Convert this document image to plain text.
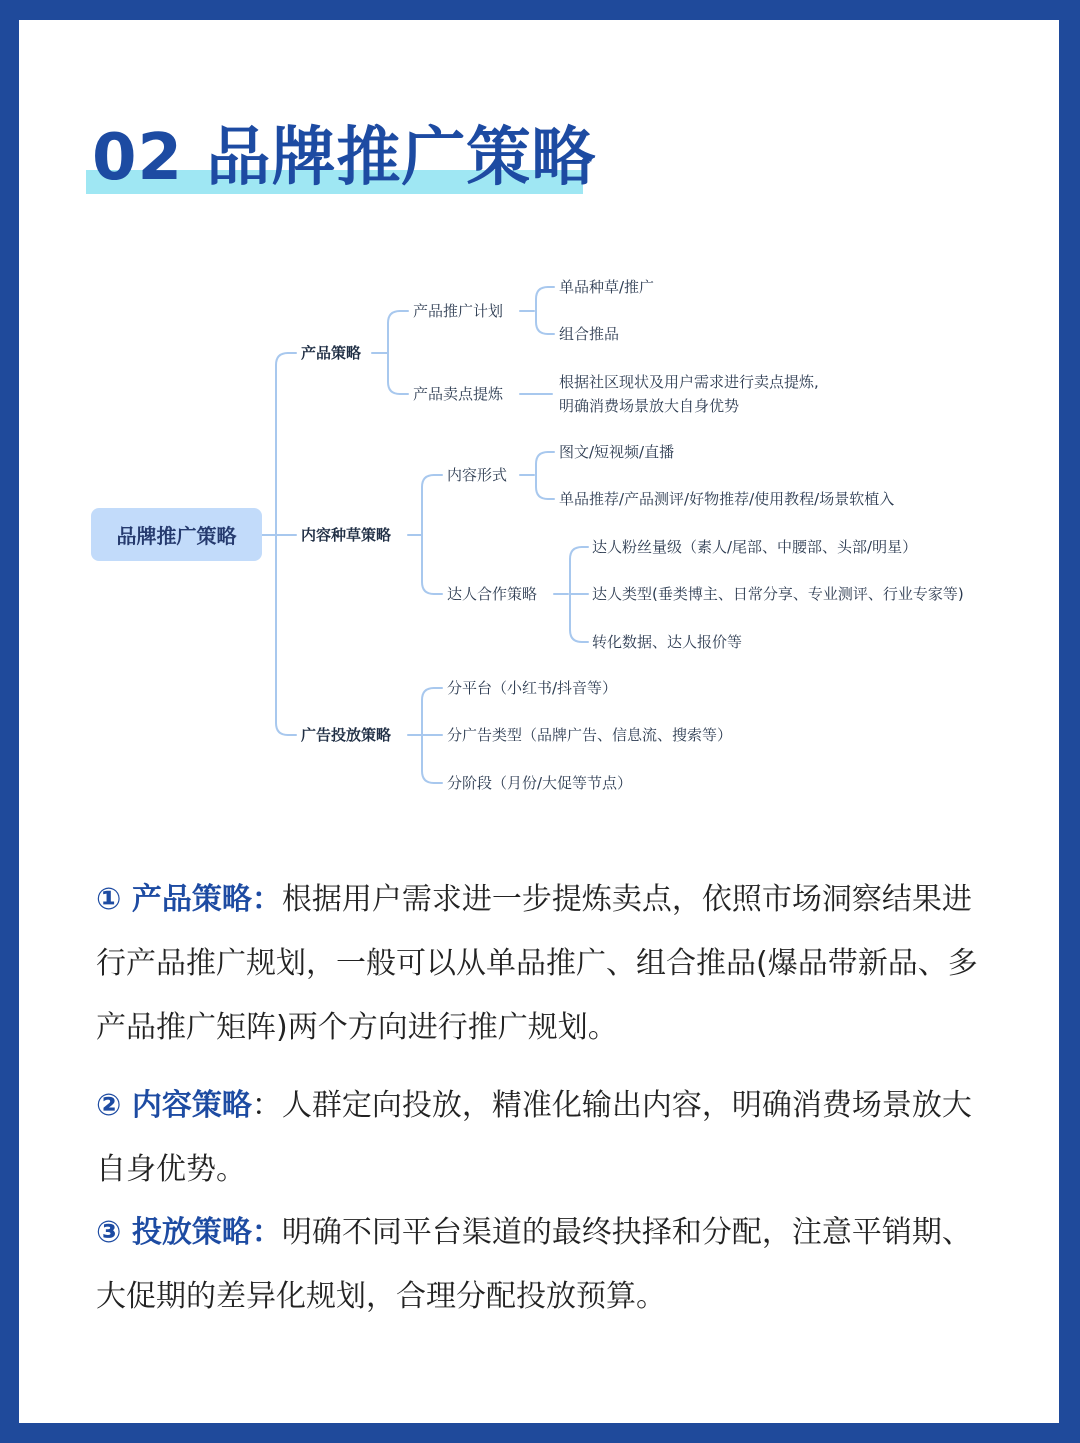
02 品牌推广策略
品牌推广策略
产品策略
内容种草策略
广告投放策略
产品推广计划
产品卖点提炼
内容形式
达人合作策略
单品种草/推广
组合推品
根据社区现状及用户需求进行卖点提炼,
明确消费场景放大自身优势
图文/短视频/直播
单品推荐/产品测评/好物推荐/使用教程/场景软植入
达人粉丝量级（素人/尾部、中腰部、头部/明星）
达人类型(垂类博主、日常分享、专业测评、行业专家等)
转化数据、达人报价等
分平台（小红书/抖音等）
分广告类型（品牌广告、信息流、搜索等）
分阶段（月份/大促等节点）
① 产品策略：根据用户需求进一步提炼卖点，依照市场洞察结果进行产品推广规划，一般可以从单品推广、组合推品(爆品带新品、多产品推广矩阵)两个方向进行推广规划。
② 内容策略：人群定向投放，精准化输出内容，明确消费场景放大自身优势。
③ 投放策略：明确不同平台渠道的最终抉择和分配，注意平销期、大促期的差异化规划，合理分配投放预算。
